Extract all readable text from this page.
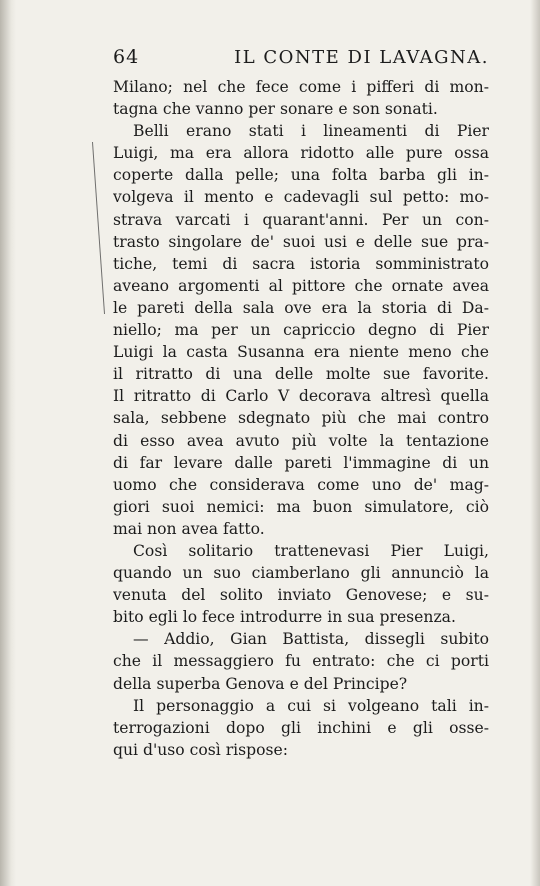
64	IL CONTE DI LAVAGNA.
Milano; nel che fece come i pifferi di mon-
tagna che vanno per sonare e son sonati.
Belli erano stati i lineamenti di Pier
Luigi, ma era allora ridotto alle pure ossa
coperte dalla pelle; una folta barba gli in-
volgeva il mento e cadevagli sul petto: mo-
strava varcati i quarant'anni. Per un con-
trasto singolare de' suoi usi e delle sue pra-
tiche, temi di sacra istoria somministrato
aveano argomenti al pittore che ornate avea
le pareti della sala ove era la storia di Da-
niello; ma per un capriccio degno di Pier
Luigi la casta Susanna era niente meno che
il ritratto di una delle molte sue favorite.
Il ritratto di Carlo V decorava altresì quella
sala, sebbene sdegnato più che mai contro
di esso avea avuto più volte la tentazione
di far levare dalle pareti l'immagine di un
uomo che considerava come uno de' mag-
giori suoi nemici: ma buon simulatore, ciò
mai non avea fatto.
Così solitario trattenevasi Pier Luigi,
quando un suo ciamberlano gli annunciò la
venuta del solito inviato Genovese; e su-
bito egli lo fece introdurre in sua presenza.
— Addio, Gian Battista, dissegli subito
che il messaggiero fu entrato: che ci porti
della superba Genova e del Principe?
Il personaggio a cui si volgeano tali in-
terrogazioni dopo gli inchini e gli osse-
qui d'uso così rispose:
